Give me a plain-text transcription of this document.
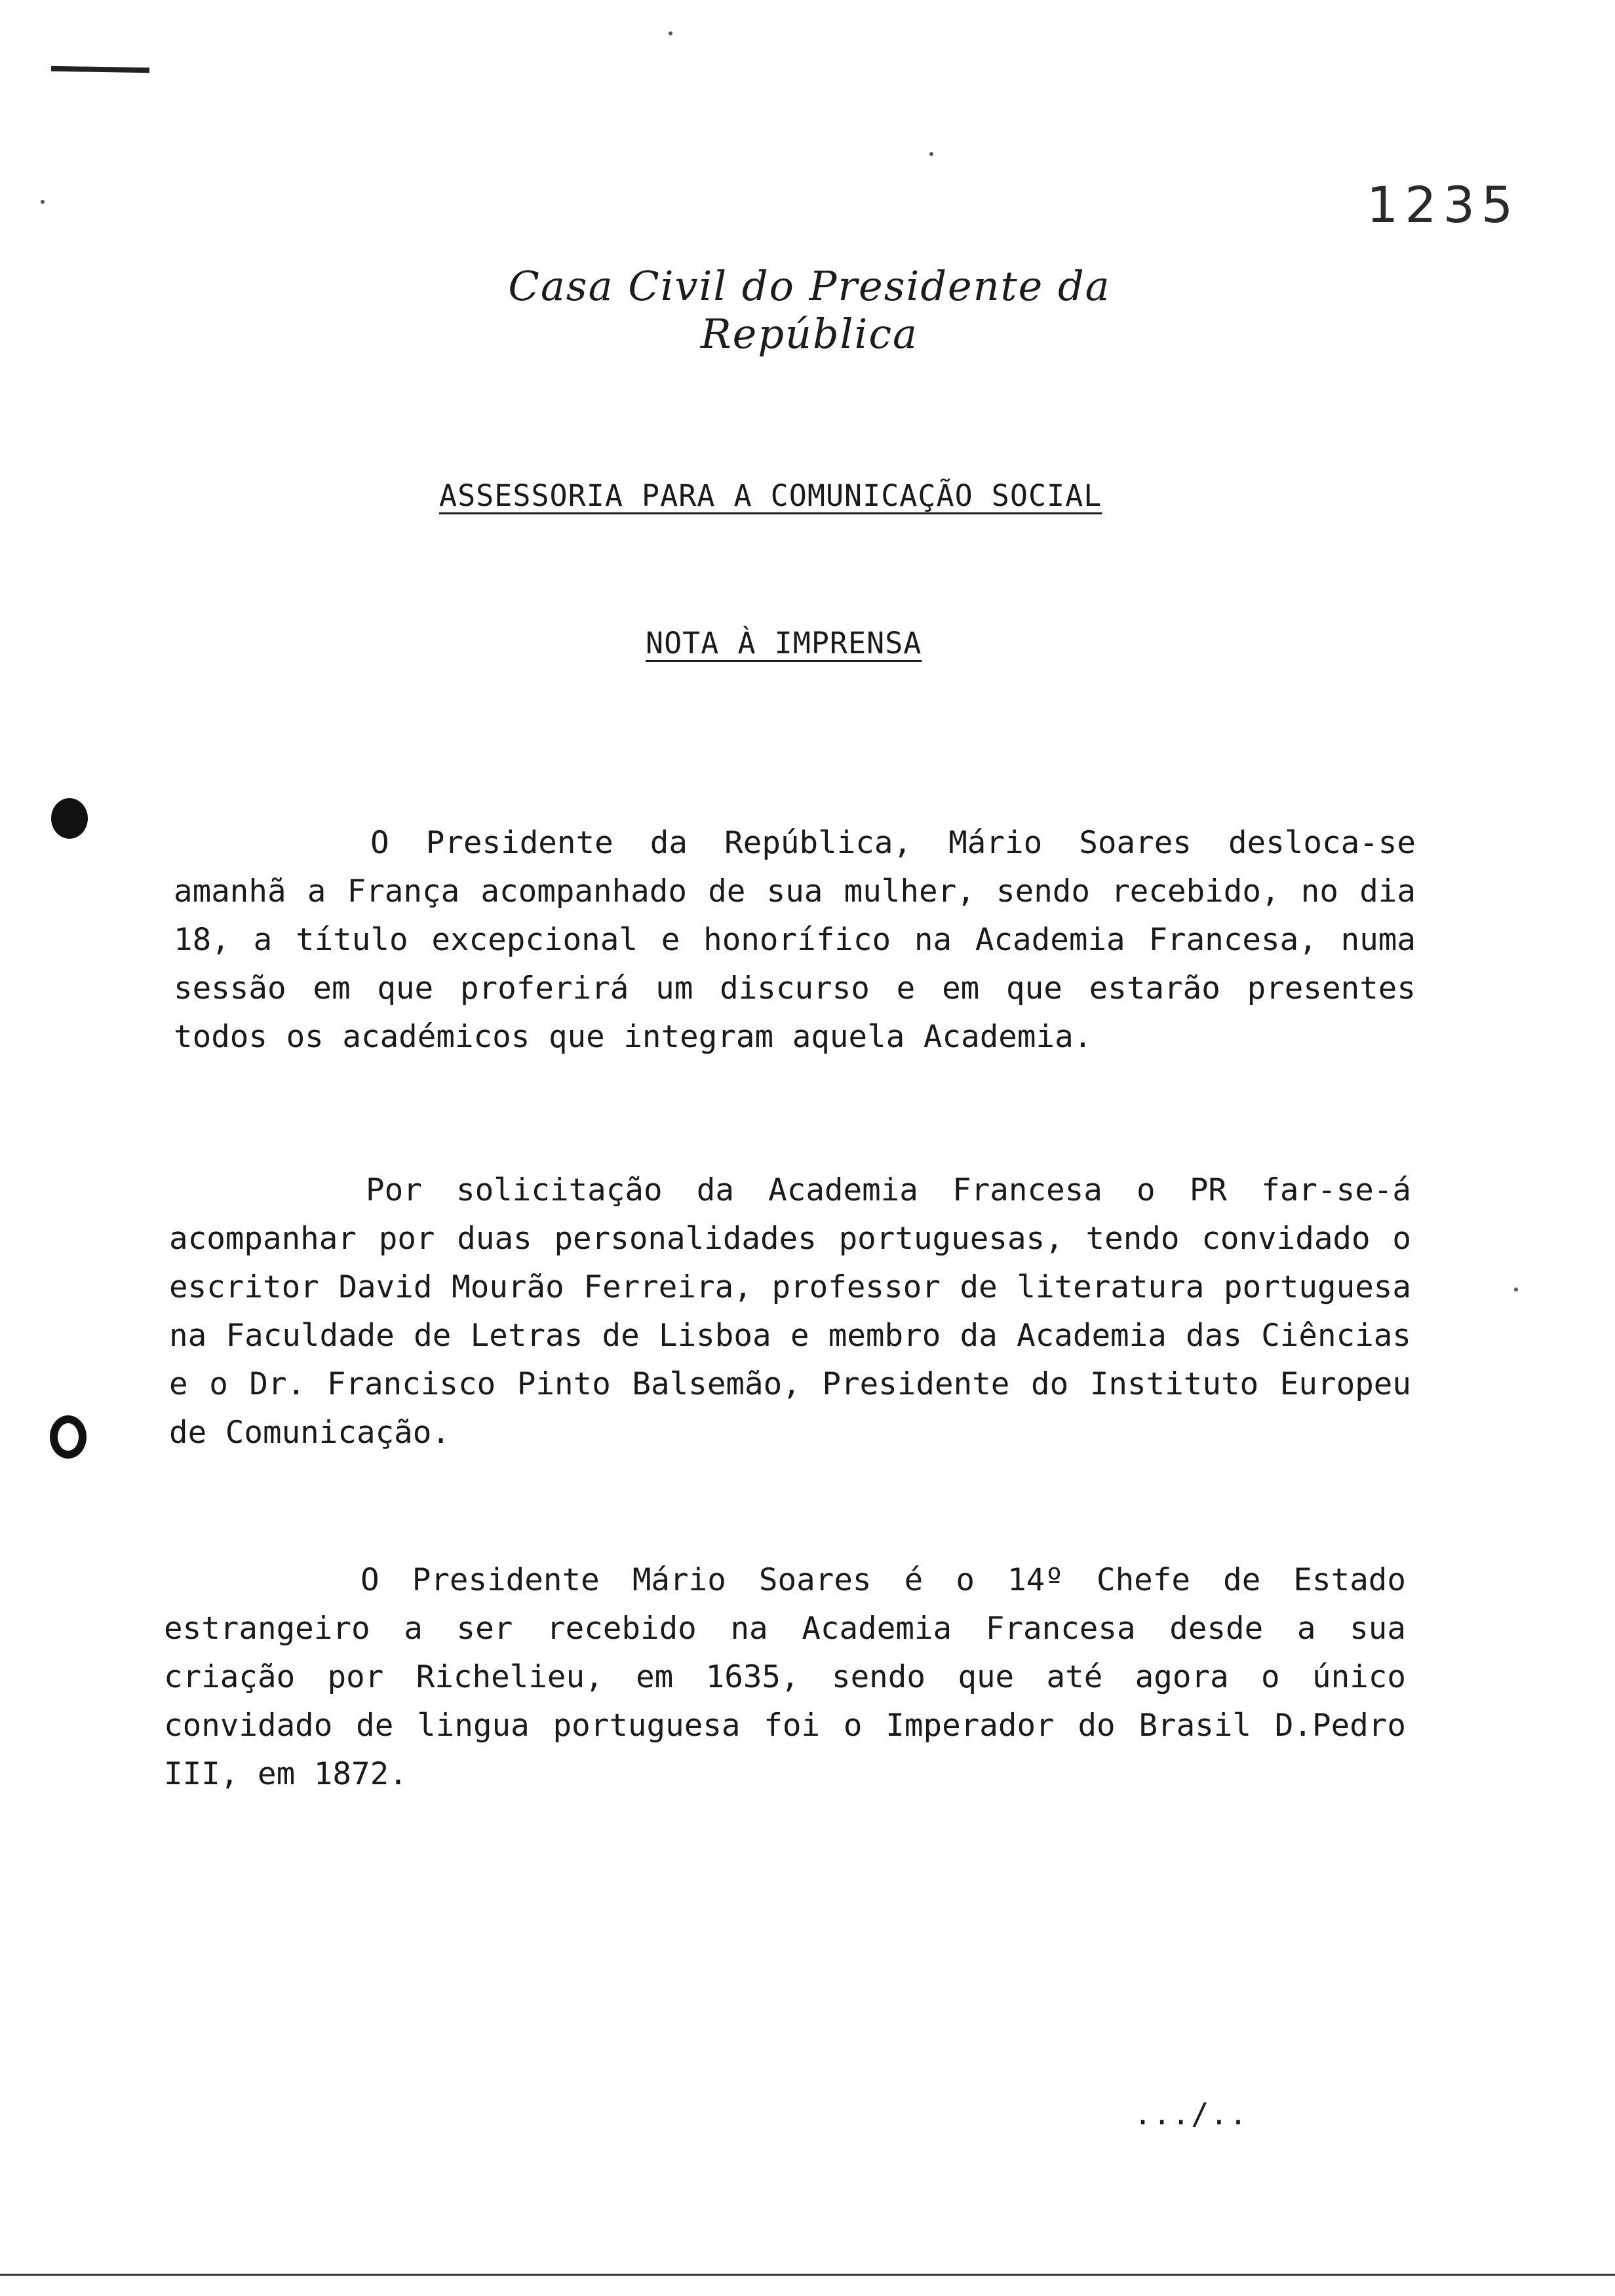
1235
Casa Civil do Presidente da República
ASSESSORIA PARA A COMUNICAÇÃO SOCIAL
NOTA À IMPRENSA

O Presidente da República, Mário Soares desloca-se amanhã a França acompanhado de sua mulher, sendo recebido, no dia 18, a título excepcional e honorífico na Academia Francesa, numa sessão em que proferirá um discurso e em que estarão presentes todos os académicos que integram aquela Academia.

Por solicitação da Academia Francesa o PR far-se-á acompanhar por duas personalidades portuguesas, tendo convidado o escritor David Mourão Ferreira, professor de literatura portuguesa na Faculdade de Letras de Lisboa e membro da Academia das Ciências e o Dr. Francisco Pinto Balsemão, Presidente do Instituto Europeu de Comunicação.

O Presidente Mário Soares é o 14º Chefe de Estado estrangeiro a ser recebido na Academia Francesa desde a sua criação por Richelieu, em 1635, sendo que até agora o único convidado de lingua portuguesa foi o Imperador do Brasil D.Pedro III, em 1872.

.../..
